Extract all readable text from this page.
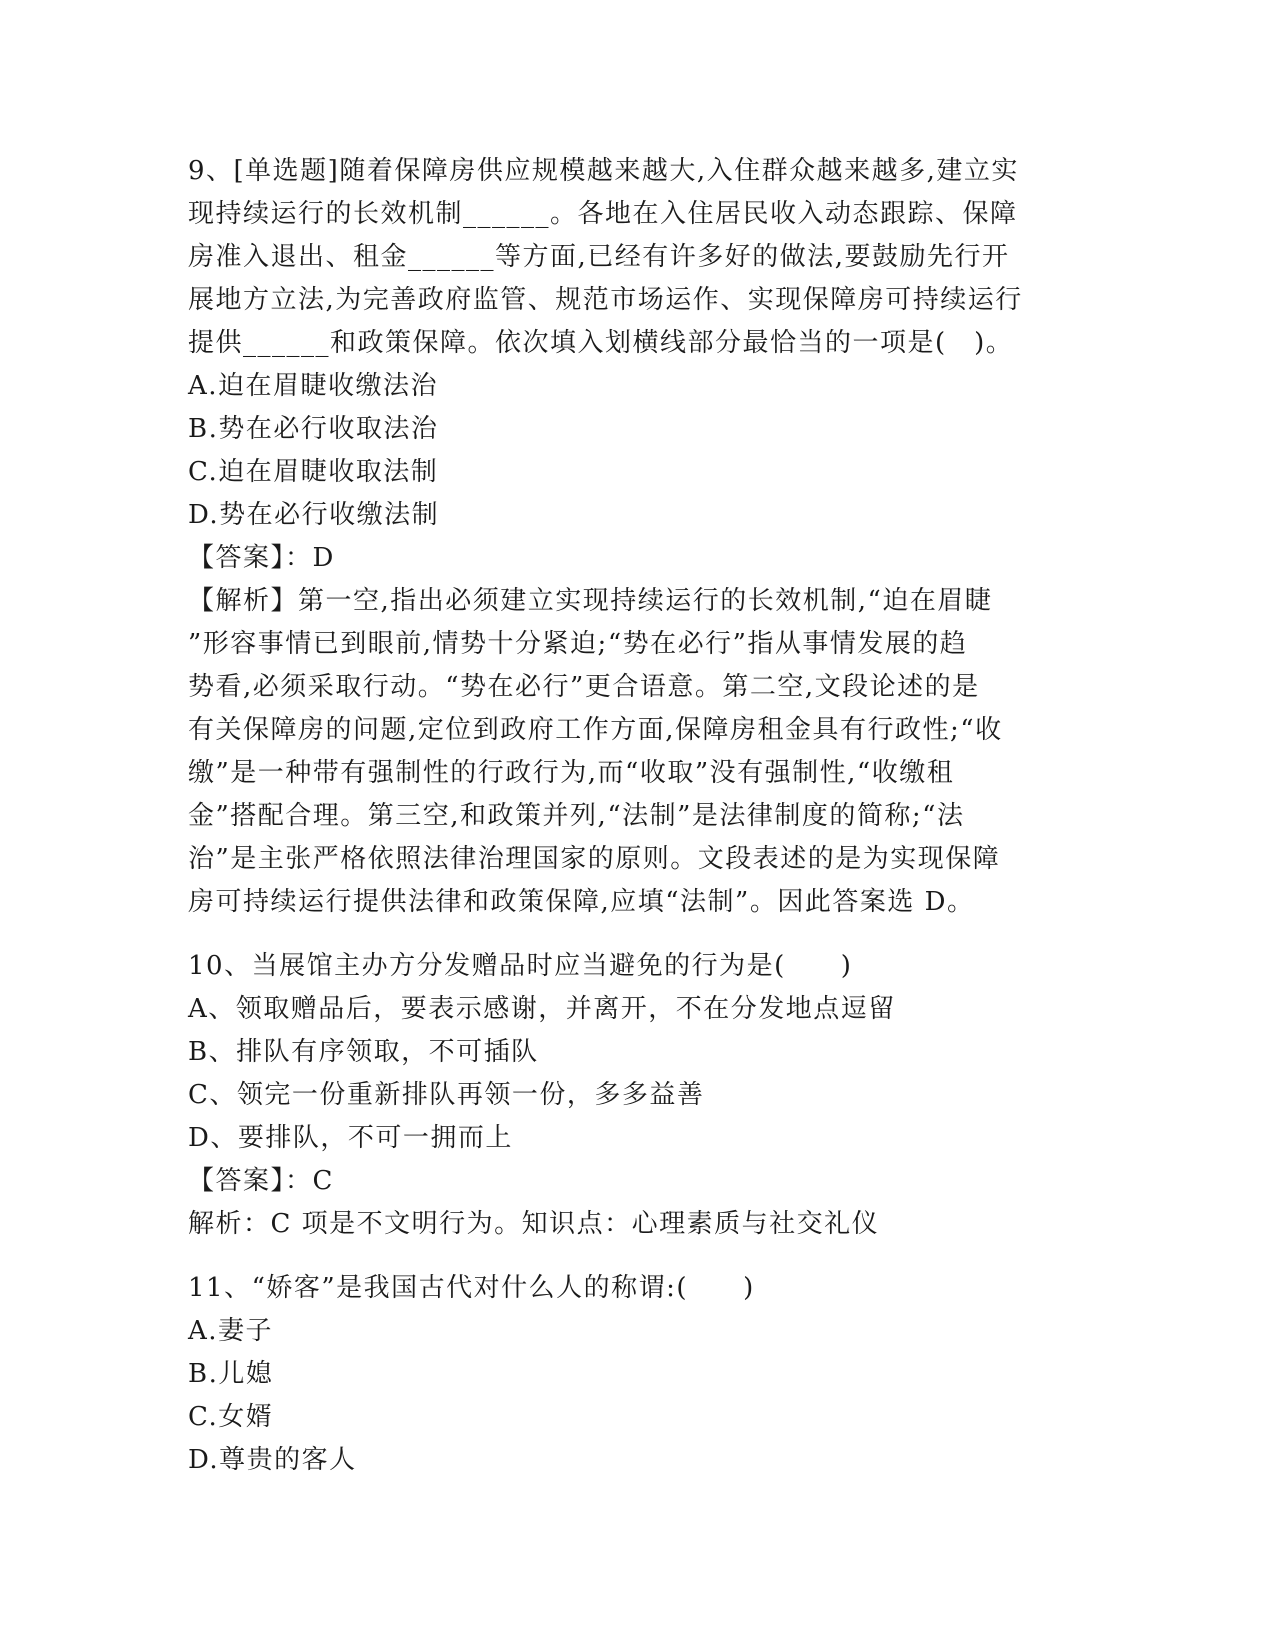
9、[单选题]随着保障房供应规模越来越大,入住群众越来越多,建立实
现持续运行的长效机制______。各地在入住居民收入动态跟踪、保障
房准入退出、租金______等方面,已经有许多好的做法,要鼓励先行开
展地方立法,为完善政府监管、规范市场运作、实现保障房可持续运行
提供______和政策保障。依次填入划横线部分最恰当的一项是(　)。
A.迫在眉睫收缴法治
B.势在必行收取法治
C.迫在眉睫收取法制
D.势在必行收缴法制
【答案】：D
【解析】第一空,指出必须建立实现持续运行的长效机制,“迫在眉睫
”形容事情已到眼前,情势十分紧迫;“势在必行”指从事情发展的趋
势看,必须采取行动。“势在必行”更合语意。第二空,文段论述的是
有关保障房的问题,定位到政府工作方面,保障房租金具有行政性;“收
缴”是一种带有强制性的行政行为,而“收取”没有强制性,“收缴租
金”搭配合理。第三空,和政策并列,“法制”是法律制度的简称;“法
治”是主张严格依照法律治理国家的原则。文段表述的是为实现保障
房可持续运行提供法律和政策保障,应填“法制”。因此答案选 D。
10、当展馆主办方分发赠品时应当避免的行为是(　　)
A、领取赠品后，要表示感谢，并离开，不在分发地点逗留
B、排队有序领取，不可插队
C、领完一份重新排队再领一份，多多益善
D、要排队，不可一拥而上
【答案】：C
解析：C 项是不文明行为。知识点：心理素质与社交礼仪
11、“娇客”是我国古代对什么人的称谓:(　　)
A.妻子
B.儿媳
C.女婿
D.尊贵的客人
